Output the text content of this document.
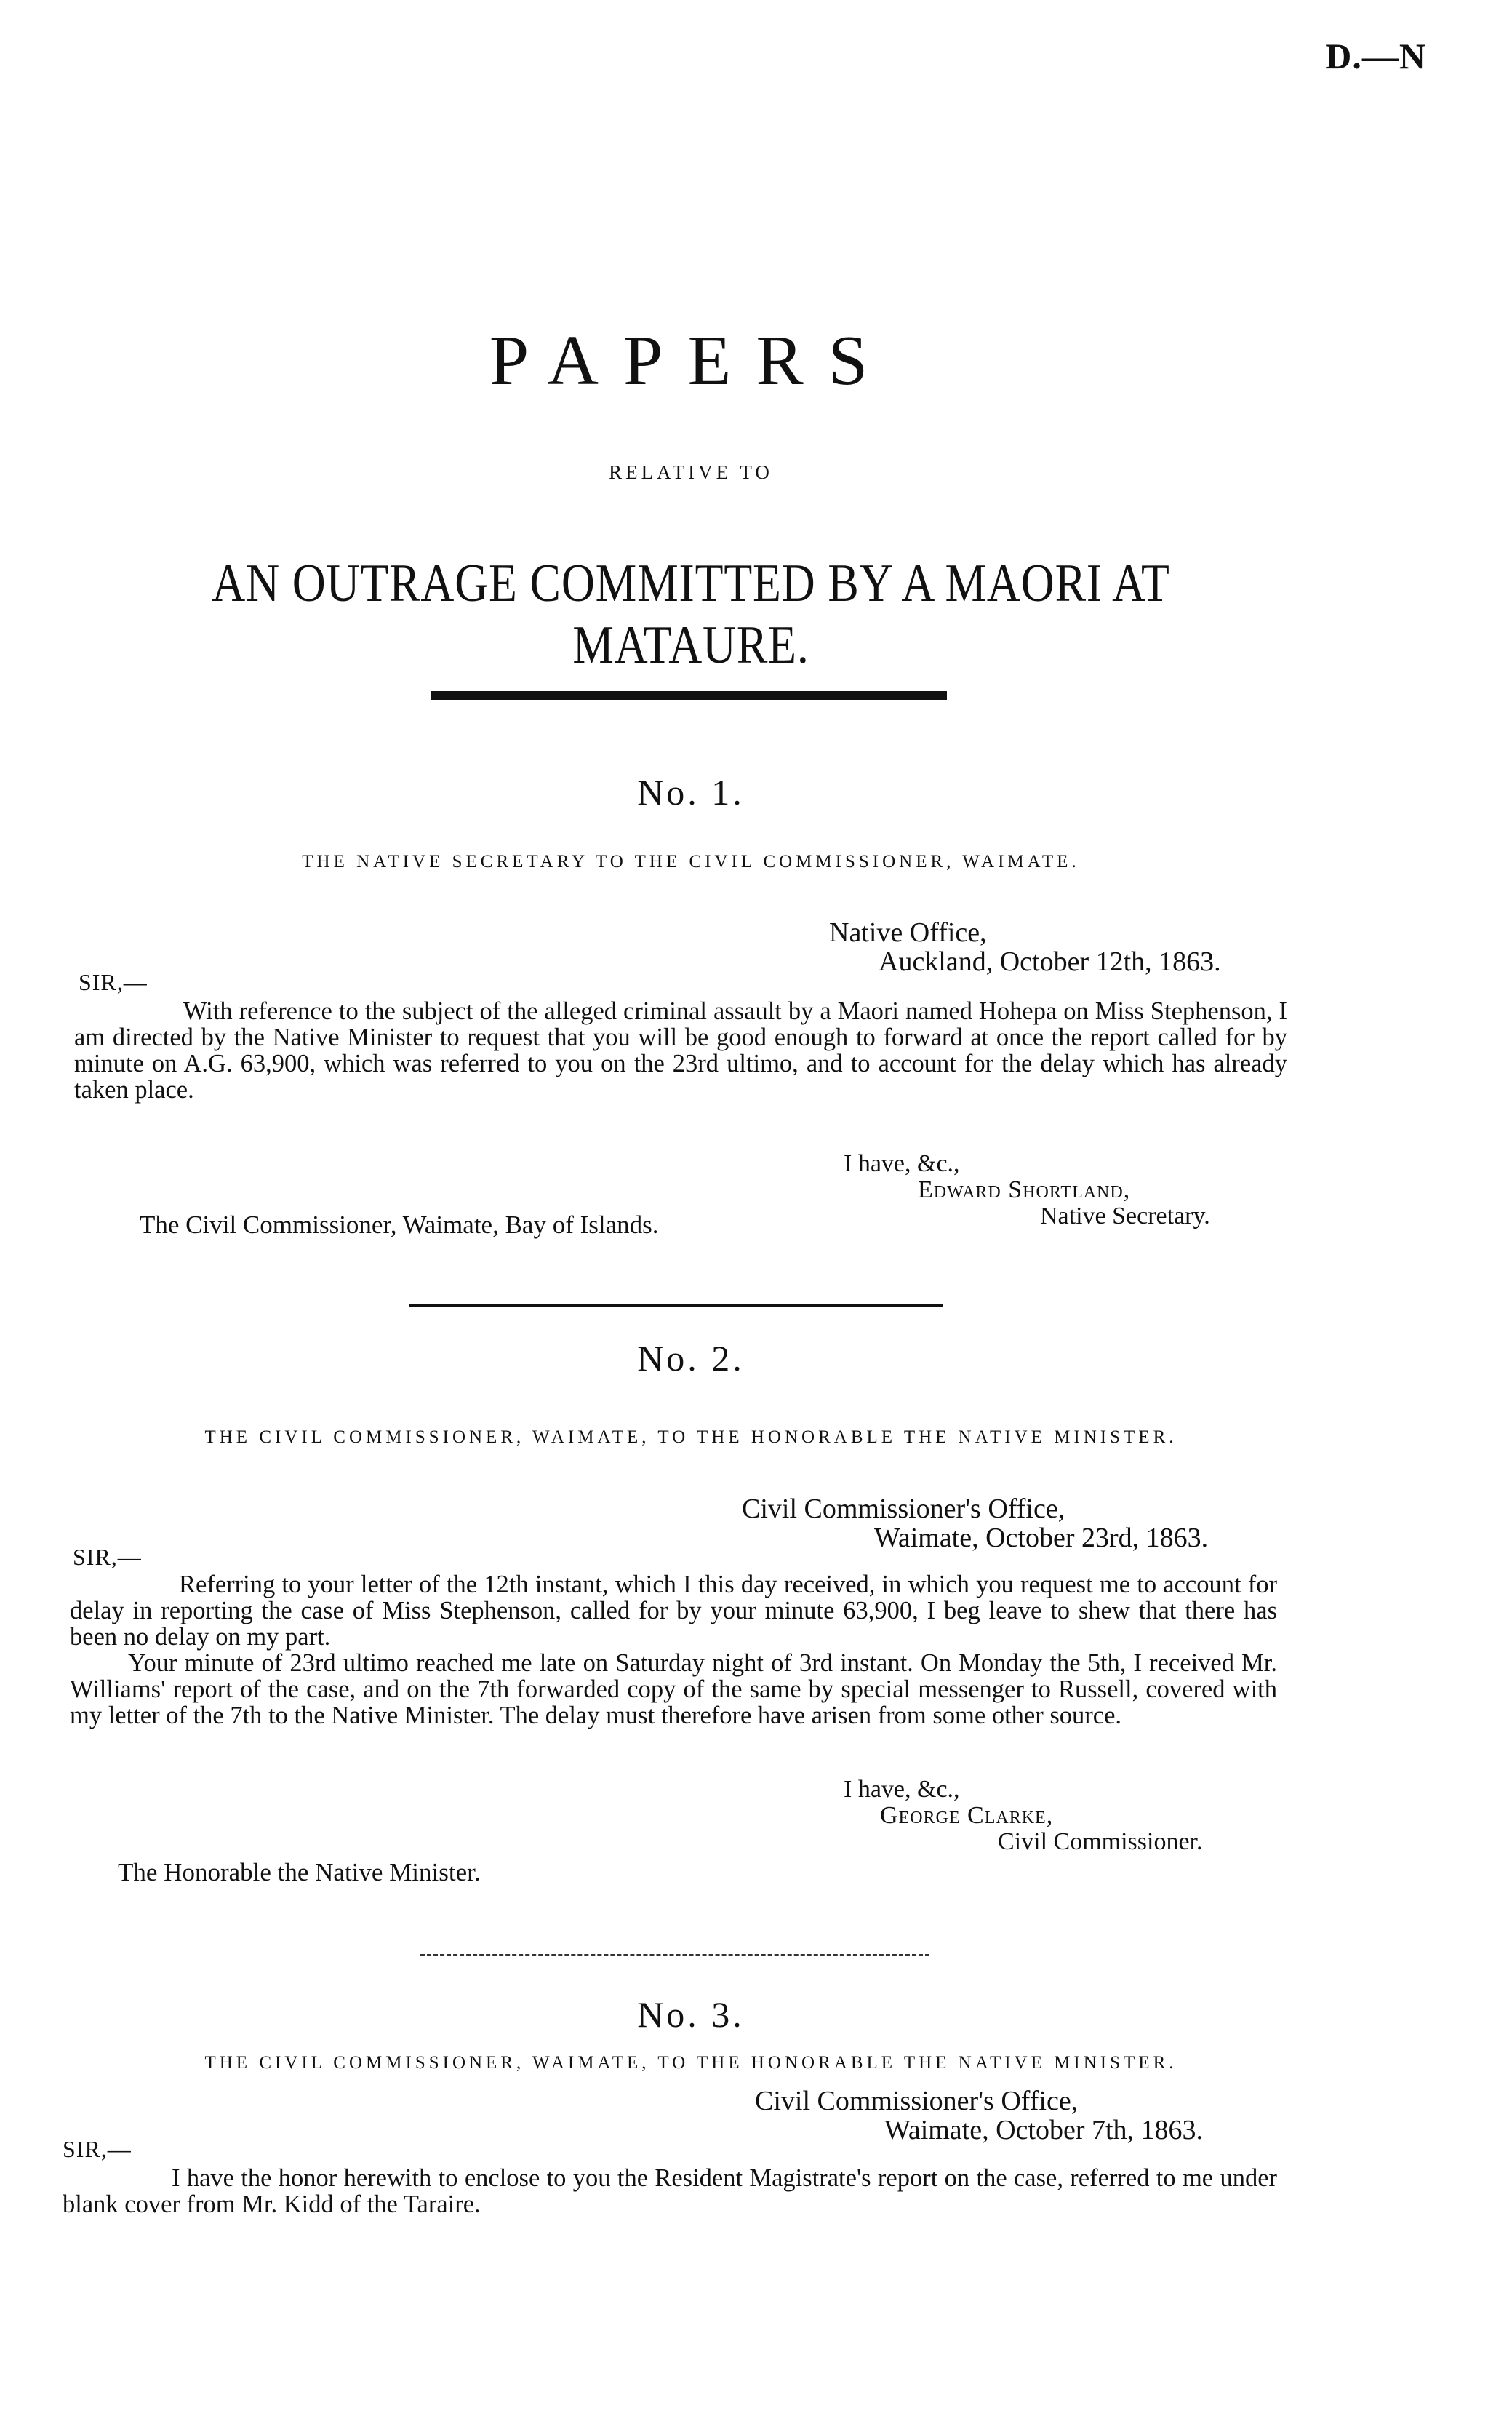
D.—N
PAPERS
RELATIVE TO
AN OUTRAGE COMMITTED BY A MAORI AT MATAURE.
No. 1.
THE NATIVE SECRETARY TO THE CIVIL COMMISSIONER, WAIMATE.
Native Office,
Auckland, October 12th, 1863.
SIR,—
With reference to the subject of the alleged criminal assault by a Maori named Hohepa on Miss Stephenson, I am directed by the Native Minister to request that you will be good enough to forward at once the report called for by minute on A.G. 63,900, which was referred to you on the 23rd ultimo, and to account for the delay which has already taken place.
I have, &c.,
Edward Shortland,
Native Secretary.
The Civil Commissioner, Waimate, Bay of Islands.
No. 2.
THE CIVIL COMMISSIONER, WAIMATE, TO THE HONORABLE THE NATIVE MINISTER.
Civil Commissioner's Office,
Waimate, October 23rd, 1863.
SIR,—
Referring to your letter of the 12th instant, which I this day received, in which you request me to account for delay in reporting the case of Miss Stephenson, called for by your minute 63,900, I beg leave to shew that there has been no delay on my part.
Your minute of 23rd ultimo reached me late on Saturday night of 3rd instant. On Monday the 5th, I received Mr. Williams' report of the case, and on the 7th forwarded copy of the same by special messenger to Russell, covered with my letter of the 7th to the Native Minister. The delay must therefore have arisen from some other source.
I have, &c.,
George Clarke,
Civil Commissioner.
The Honorable the Native Minister.
No. 3.
THE CIVIL COMMISSIONER, WAIMATE, TO THE HONORABLE THE NATIVE MINISTER.
Civil Commissioner's Office,
Waimate, October 7th, 1863.
SIR,—
I have the honor herewith to enclose to you the Resident Magistrate's report on the case, referred to me under blank cover from Mr. Kidd of the Taraire.
